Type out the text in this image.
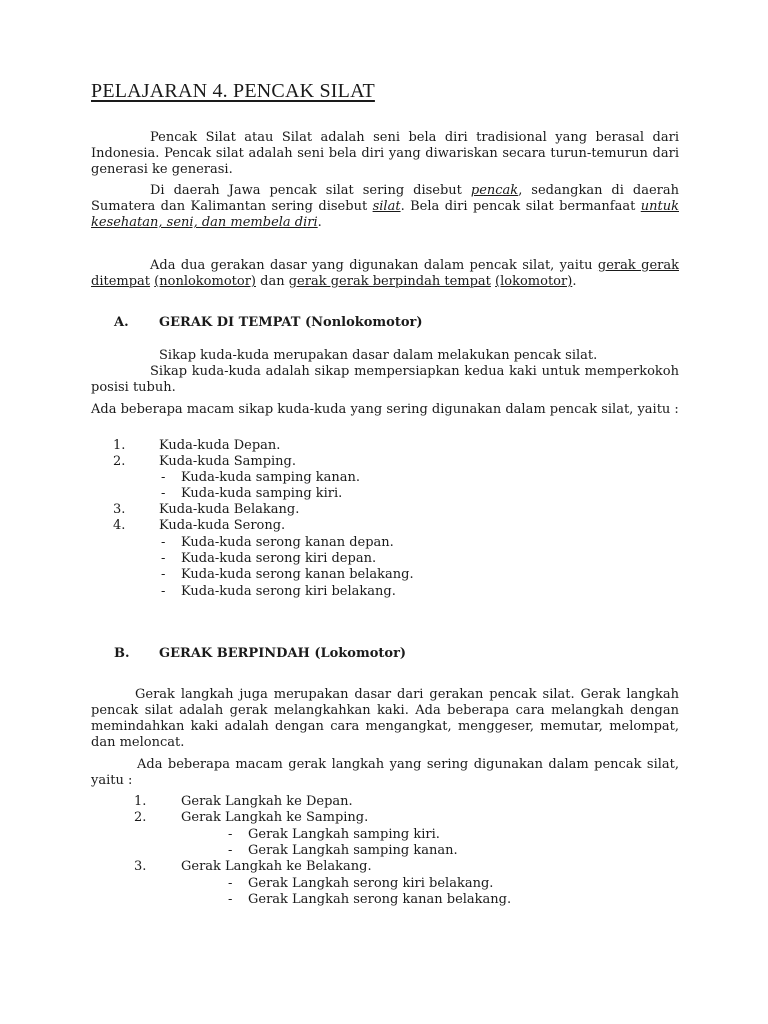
PELAJARAN 4. PENCAK SILAT

Pencak Silat atau Silat adalah seni bela diri tradisional yang berasal dari Indonesia. Pencak silat adalah seni bela diri yang diwariskan secara turun-temurun dari generasi ke generasi.

Di daerah Jawa pencak silat sering disebut pencak, sedangkan di daerah Sumatera dan Kalimantan sering disebut silat. Bela diri pencak silat bermanfaat untuk kesehatan, seni, dan membela diri.

Ada dua gerakan dasar yang digunakan dalam pencak silat, yaitu gerak gerak ditempat (nonlokomotor) dan gerak gerak berpindah tempat (lokomotor).

A. GERAK DI TEMPAT (Nonlokomotor)

Sikap kuda-kuda merupakan dasar dalam melakukan pencak silat.

Sikap kuda-kuda adalah sikap mempersiapkan kedua kaki untuk memperkokoh posisi tubuh.

Ada beberapa macam sikap kuda-kuda yang sering digunakan dalam pencak silat, yaitu :

1.	Kuda-kuda Depan.
2.	Kuda-kuda Samping.
- Kuda-kuda samping kanan.
- Kuda-kuda samping kiri.
3.	Kuda-kuda Belakang.
4.	Kuda-kuda Serong.
- Kuda-kuda serong kanan depan.
- Kuda-kuda serong kiri depan.
- Kuda-kuda serong kanan belakang.
- Kuda-kuda serong kiri belakang.
B. GERAK BERPINDAH (Lokomotor)

Gerak langkah juga merupakan dasar dari gerakan pencak silat. Gerak langkah pencak silat adalah gerak melangkahkan kaki. Ada beberapa cara melangkah dengan memindahkan kaki adalah dengan cara mengangkat, menggeser, memutar, melompat, dan meloncat.

Ada beberapa macam gerak langkah yang sering digunakan dalam pencak silat, yaitu :

1.	Gerak Langkah ke Depan.
2.	Gerak Langkah ke Samping.
- Gerak Langkah samping kiri.
- Gerak Langkah samping kanan.
3.	Gerak Langkah ke Belakang.
- Gerak Langkah serong kiri belakang.
- Gerak Langkah serong kanan belakang.
